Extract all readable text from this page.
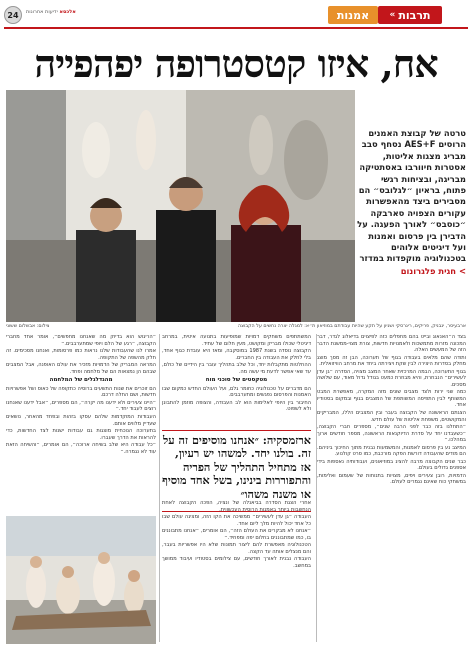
24	אלכסא ידיעות אחרונות	אמנות	תרבות
»
אח, איזו קטסטרופה יפהפייה
טרטה של קבוצת האמנים הרוסים AES+F נסחף סבב מבריג מצגות אליטות, אסטרות חיוורבו באסתטיקה מבריגה, ובציחות רגשי פתוח, בראיון ״לגלובס״ הם מסבירים ביצד מהאפשרות עקורים הצפויה סארבקה ״כוסבס״ לאורך הפעגה. על הדבירן בין פרסום ואמנות ועל דיגיטים אלוהים בטכנולוגיה מוקפדות במדזר
> חגית פלגרונום
ארבעיסר, ינבניק, פריקים, ריגרסקי ושניון על תקע שהיות עבודתם במוזיאון ת״א: למגלה יצרה נחשים על הקבוצה
צילום: אבשלום ששוני

בצד ה״האנאוג ובייט בהם מחפלים כזה לפיצוים בדיאלוג לגדר, דבר המכונה מזרות מתמשכות ולאמנויות חדשות, צורת מצוי-ממשנת הדבר הזה של המעשים האלה.

ותודה שהם מלאים בעבודה בגוף של תערוכה, הבן זה מסך מוצג מחלק בסדרות היצירה לבין שקת ויצירתה ביחד את מרחב הוויזואלית.

בגוף התערוכה, הבמה המרכזית שאחר המצב מצויה, הסדרה ״גן עדן לעשירים״ הנבחרת, והיא מבוזרת כמעט בגודל גדול מאוד, עם שלושה מסכים.

כמה שני ירות ולצד מצבים שונים מזה המקרה, מאפשרת המבט המשותף לבין התפיסה המשותפת של המצבים בגוף ובמקום בסטודיו אחד.

הצגתם הראשונה של הקבוצה בעבר ובין המצבים הללו, המבריקים והמקושטים, משפחת אליטות של עולם חדש.

״התחלנו בזה כבר לפני הרבה שנים״, מספרים חברי הקבוצה, ״כשעבדנו יחד על סדרת הדיוקנאות הראשונה, מספר חודשים ארוך במהלכו.״

המיצב נע בין פרסום לאמנות, והמשמעות נבנית מתוך החיכוך ביניהם. הם מודים שהעבודה דורשת הפקה מורכבת, כמו סרט קולנוע.

כבר שנים הקבוצה מרבה להציג במוזיאונים, ועבודותיה נאספות בידי אספנים גדולים בעולם.

הדמויות, רובן צעירים ויפים, מצויות בתנוחות של שעמום ואלימות, במשחקי כוח שאינם נגמרים לעולם.

המשתתפים משחקים דמויות שמופיעות בתנועה איטית, במרחב דיגיטלי שכולו מבריק ומקושט, מעין חלום של עתיד.

הקבוצה נוסדה בשנת 1987 במוסקבה, ומאז היא עובדת כגוף אחד, בלי לחלק את העבודה בין החברים.

ההחלטות מתקבלות יחד, וכל שלב בתהליך עובר בין הידיים של כולם, עד שאי אפשר לדעת מי עשה מה.

מטקסטים של סוכני מוח

הם מדברים על טכנולוגיה כחומר גלם, ועל העולם החדש כמקום שבו האמנות והפרסום נפגשים ומתערבבים.

החיבור בין היופי לאלימות הוא לב העבודה, והצופה מוזמן להתבונן ולא לשפוט.

אחרי הצגת הסדרה בביאנלה של ונציה, הפכה הקבוצה לאחת הנחשבות ביותר באמנות הרוסית העכשווית.

העבודה ״גן עדן לעשירים״ ממשיכה את הקו הזה, ומציגה עולם שבו כל אחד יכול להיות מלך ליום אחד.

״אנחנו לא מבקרים את העולם הזה״, הם אומרים, ״אנחנו מתבוננים בו, כמו שמתבוננים בחלום יפה ומפחיד.״

הטכנולוגיה מאפשרת להם ליצור תמונות שלא היו אפשריות בעבר, והם מנצלים אותה עד הקצה.

העבודה נבנית לאורך חודשים, עם צילומים בסטודיו ועיבוד ממושך במחשב.

ארזמסקיה: ״אנחנו מוסיפים זה על זה. בולנו יחד. למשהו יש רעיון, אז מתחיל התהליך של הפריה והתפוררות בינינו, בשל אחד מוסיף או משנה משהו״

״הריגוש הוא בדיוק מה שאנחנו מחפשים״, אומר אחד מחברי הקבוצה, ״רגע של הלם ויופי שמתערבבים.״

אמרו לנו שהעבודות שלנו נראות כמו פרסומות, ואנחנו מסכימים. זה חלק מהשפה של התקופה.

המראה המבריק של הדמויות מזכיר את עולם האופנה, אבל המצבים שבהם הן נמצאות הם של מלחמה ופחד.

מהגדלגלים של המלחמה

הם זוכרים את שנות התשעים ברוסיה כתקופה של כאוס ושל אפשרויות חדשות, ושם החלה דרכם.

״היינו צעירים ולא ידענו מה יקרה״, הם מספרים, ״אבל ידענו שאנחנו רוצים לעבוד יחד.״

העבודות המוקדמות שלהם עסקו בזהות ובפחד מהאחר, נושאים שעדיין מלווים אותם.

בתערוכה הנוכחית מוצגות גם עבודות ישנות לצד החדשות, כדי להראות את הדרך שעברו.

״כל עבודה היא שלב בשיחה ארוכה״, הם אומרים, ״והשיחה הזאת עוד לא נגמרה.״
